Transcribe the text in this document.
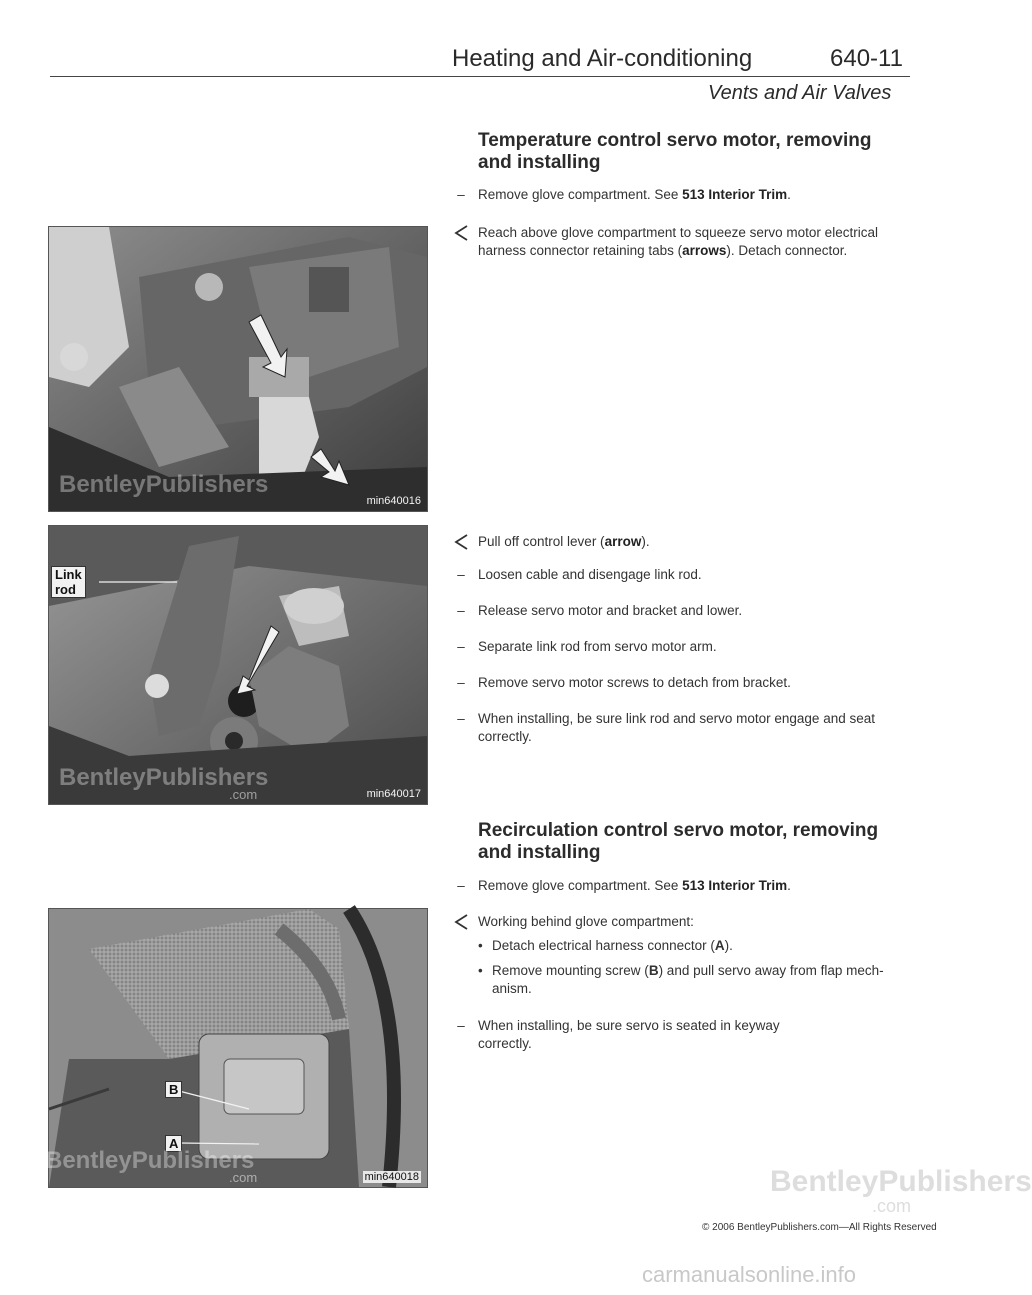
Heating and Air-conditioning	640-11
Vents and Air Valves
Temperature control servo motor, removing
and installing
– Remove glove compartment. See 513 Interior Trim.
Reach above glove compartment to squeeze servo motor electrical harness connector retaining tabs (arrows). Detach connector.
Pull off control lever (arrow).
– Loosen cable and disengage link rod.
– Release servo motor and bracket and lower.
– Separate link rod from servo motor arm.
– Remove servo motor screws to detach from bracket.
– When installing, be sure link rod and servo motor engage and seat correctly.
Recirculation control servo motor, removing
and installing
– Remove glove compartment. See 513 Interior Trim.
Working behind glove compartment:
• Detach electrical harness connector (A).
• Remove mounting screw (B) and pull servo away from flap mech-anism.
– When installing, be sure servo is seated in keyway correctly.
BentleyPublishers
min640016
Link
rod
BentleyPublishers
.com	min640017
B
A
BentleyPublishers
.com	min640018	BentleyPublishers
.com
© 2006 BentleyPublishers.com—All Rights Reserved
carmanualsonline.info
